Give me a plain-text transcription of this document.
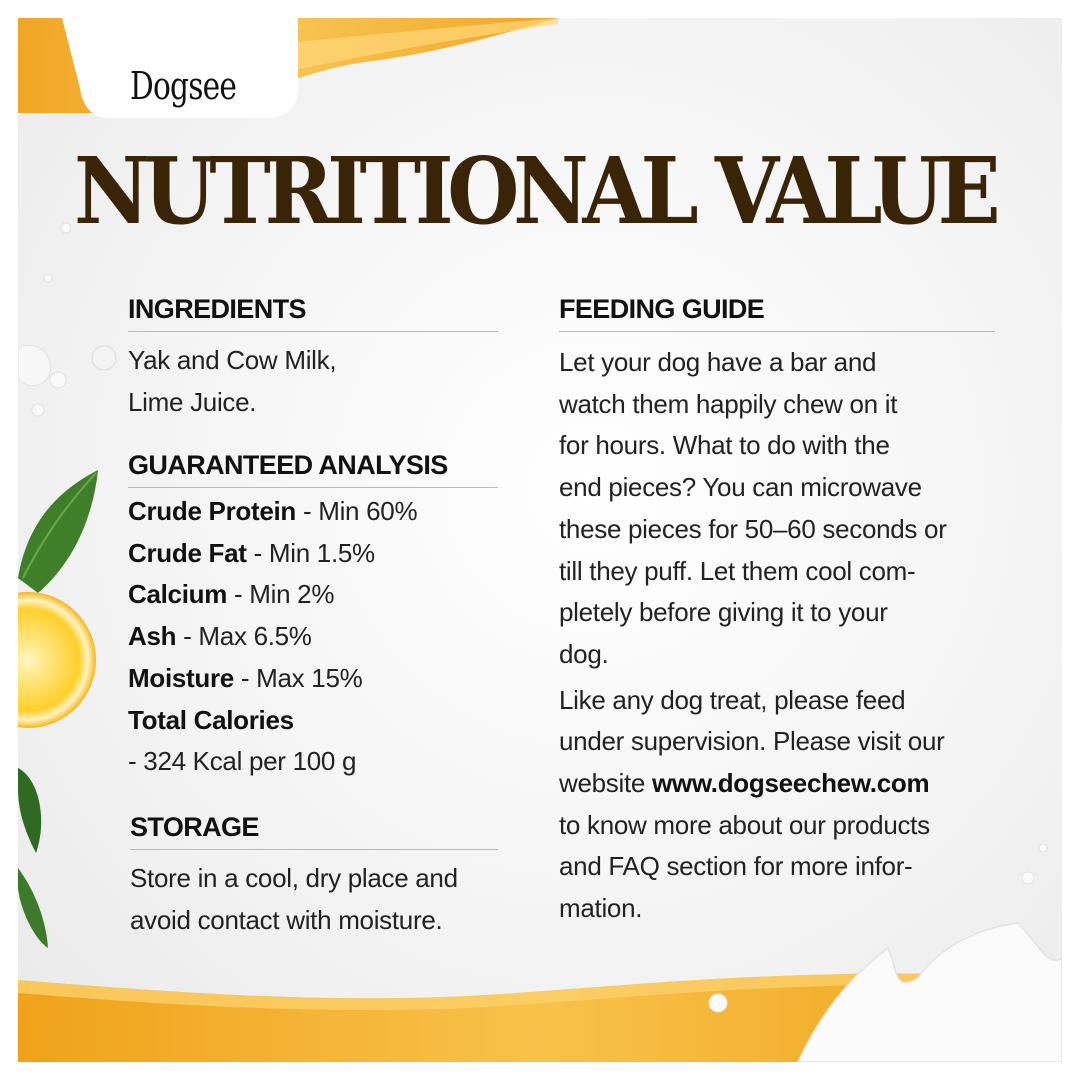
Dogsee
NUTRITIONAL VALUE
INGREDIENTS
Yak and Cow Milk,
Lime Juice.
GUARANTEED ANALYSIS
Crude Protein - Min 60%
Crude Fat - Min 1.5%
Calcium - Min 2%
Ash - Max 6.5%
Moisture - Max 15%
Total Calories
- 324 Kcal per 100 g
STORAGE
Store in a cool, dry place and
avoid contact with moisture.
FEEDING GUIDE
Let your dog have a bar and
watch them happily chew on it
for hours. What to do with the
end pieces? You can microwave
these pieces for 50–60 seconds or
till they puff. Let them cool com-
pletely before giving it to your
dog.
Like any dog treat, please feed
under supervision. Please visit our
website www.dogseechew.com
to know more about our products
and FAQ section for more infor-
mation.
